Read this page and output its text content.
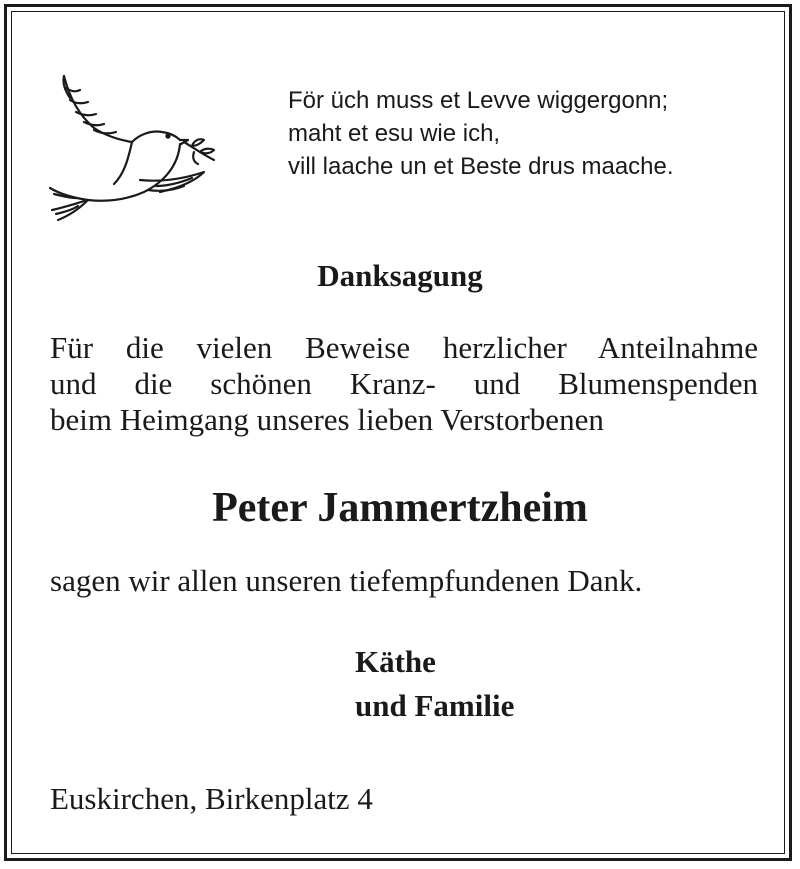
För üch muss et Levve wiggergonn;
maht et esu wie ich,
vill laache un et Beste drus maache.
Danksagung
Für die vielen Beweise herzlicher Anteilnahme
und die schönen Kranz- und Blumenspenden
beim Heimgang unseres lieben Verstorbenen
Peter Jammertzheim
sagen wir allen unseren tiefempfundenen Dank.
Käthe
und Familie
Euskirchen, Birkenplatz 4
